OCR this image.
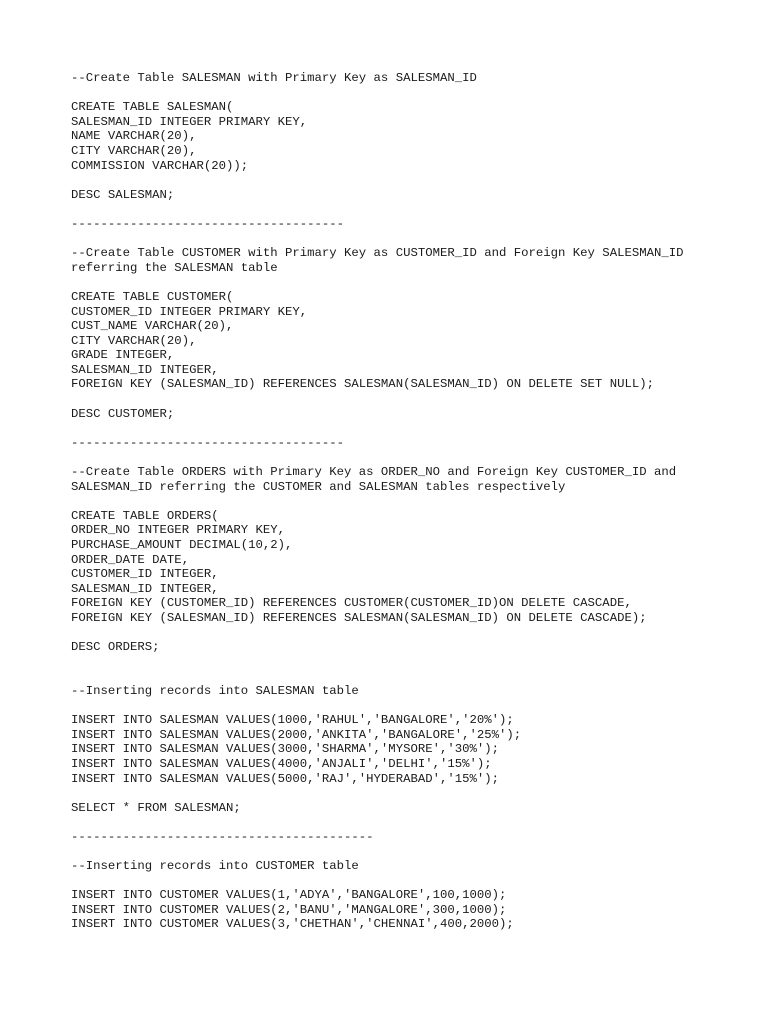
--Create Table SALESMAN with Primary Key as SALESMAN_ID
CREATE TABLE SALESMAN(
SALESMAN_ID INTEGER PRIMARY KEY,
NAME VARCHAR(20),
CITY VARCHAR(20),
COMMISSION VARCHAR(20));
DESC SALESMAN;
-------------------------------------
--Create Table CUSTOMER with Primary Key as CUSTOMER_ID and Foreign Key SALESMAN_ID
referring the SALESMAN table
CREATE TABLE CUSTOMER(
CUSTOMER_ID INTEGER PRIMARY KEY,
CUST_NAME VARCHAR(20),
CITY VARCHAR(20),
GRADE INTEGER,
SALESMAN_ID INTEGER,
FOREIGN KEY (SALESMAN_ID) REFERENCES SALESMAN(SALESMAN_ID) ON DELETE SET NULL);
DESC CUSTOMER;
-------------------------------------
--Create Table ORDERS with Primary Key as ORDER_NO and Foreign Key CUSTOMER_ID and
SALESMAN_ID referring the CUSTOMER and SALESMAN tables respectively
CREATE TABLE ORDERS(
ORDER_NO INTEGER PRIMARY KEY,
PURCHASE_AMOUNT DECIMAL(10,2),
ORDER_DATE DATE,
CUSTOMER_ID INTEGER,
SALESMAN_ID INTEGER,
FOREIGN KEY (CUSTOMER_ID) REFERENCES CUSTOMER(CUSTOMER_ID)ON DELETE CASCADE,
FOREIGN KEY (SALESMAN_ID) REFERENCES SALESMAN(SALESMAN_ID) ON DELETE CASCADE);
DESC ORDERS;
--Inserting records into SALESMAN table
INSERT INTO SALESMAN VALUES(1000,'RAHUL','BANGALORE','20%');
INSERT INTO SALESMAN VALUES(2000,'ANKITA','BANGALORE','25%');
INSERT INTO SALESMAN VALUES(3000,'SHARMA','MYSORE','30%');
INSERT INTO SALESMAN VALUES(4000,'ANJALI','DELHI','15%');
INSERT INTO SALESMAN VALUES(5000,'RAJ','HYDERABAD','15%');
SELECT * FROM SALESMAN;
-----------------------------------------
--Inserting records into CUSTOMER table
INSERT INTO CUSTOMER VALUES(1,'ADYA','BANGALORE',100,1000);
INSERT INTO CUSTOMER VALUES(2,'BANU','MANGALORE',300,1000);
INSERT INTO CUSTOMER VALUES(3,'CHETHAN','CHENNAI',400,2000);
